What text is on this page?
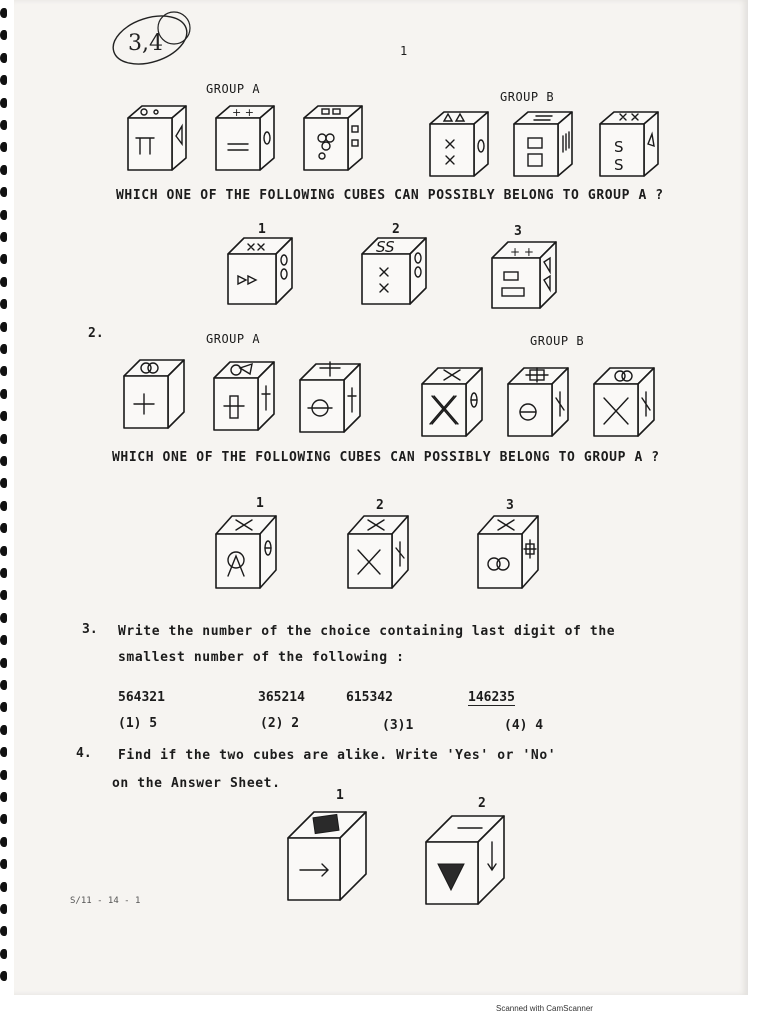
3,4	1
GROUP A
GROUP B
+ +
S
S
WHICH ONE OF THE FOLLOWING CUBES CAN POSSIBLY BELONG TO GROUP A ?
1	2	3
SS	+ +
2.	GROUP A	GROUP B
WHICH ONE OF THE FOLLOWING CUBES CAN POSSIBLY BELONG TO GROUP A ?
1	2	3
3. Write the number of the choice containing last digit of the
smallest number of the following :
564321	365214	615342	146235
(1) 5	(2) 2	(3)1	(4) 4
4. Find if the two cubes are alike. Write 'Yes' or 'No'
on the Answer Sheet.
1
2
S/11 - 14 - 1
Scanned with CamScanner
